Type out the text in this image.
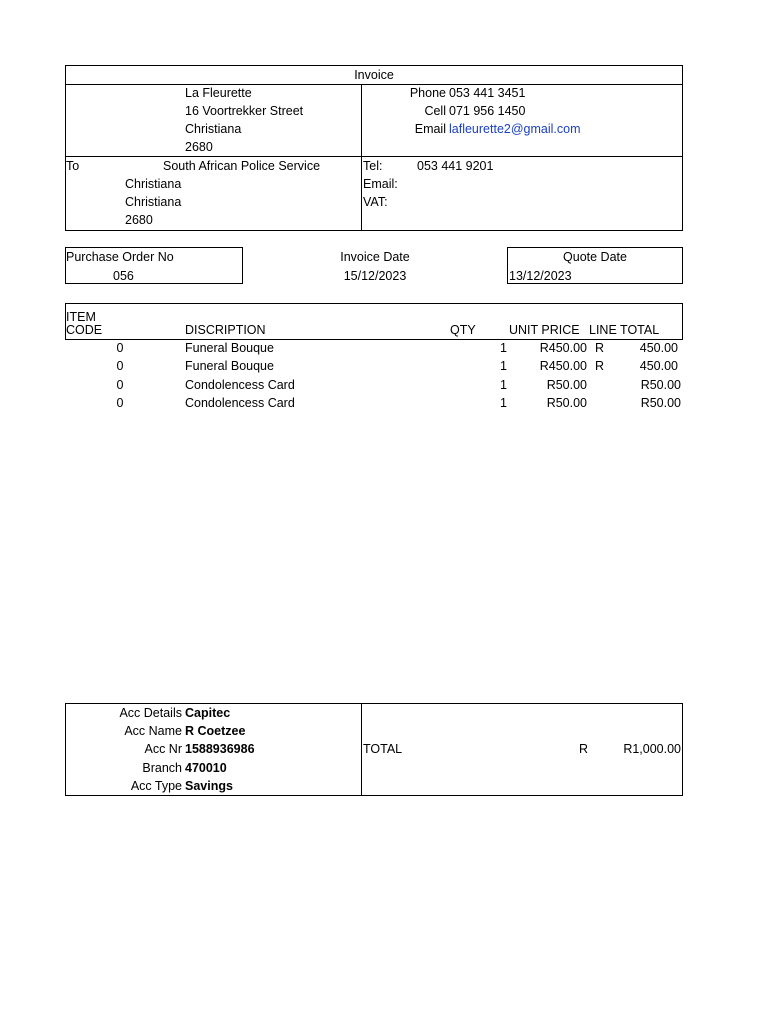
Invoice
La Fleurette
16 Voortrekker Street
Christiana
2680
Phone 053 441 3451
Cell 071 956 1450
Email lafleurette2@gmail.com
To	South African Police Service
Christiana
Christiana
2680
Tel:	053 441 9201
Email:
VAT:
Purchase Order No
056
Invoice Date
15/12/2023
Quote Date
13/12/2023
ITEM
CODE	DISCRIPTION	QTY	UNIT PRICE LINE TOTAL
0	Funeral Bouque	1	R450.00 R	450.00
0	Funeral Bouque	1	R450.00 R	450.00
0	Condolencess Card	1	R50.00	R50.00
0	Condolencess Card	1	R50.00	R50.00
Acc Details Capitec
Acc Name R Coetzee
Acc Nr 1588936986
Branch 470010
Acc Type Savings
TOTAL	R	R1,000.00
